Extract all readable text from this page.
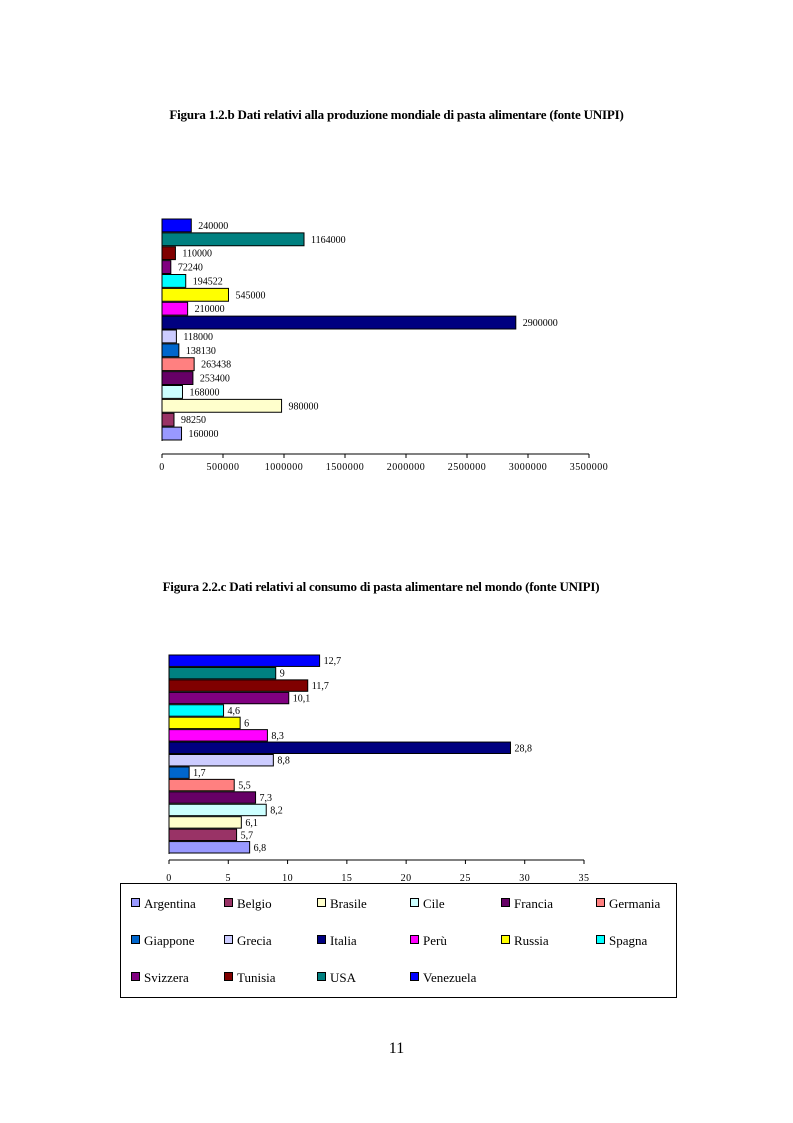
Figura 1.2.b Dati relativi alla produzione mondiale di pasta alimentare (fonte UNIPI)
0	500000	1000000 1500000 2000000 2500000 3000000 3500000
160000
98250
980000
168000
253400
263438
138130
118000
2900000
210000
545000
194522
72240
110000
1164000
240000
Figura 2.2.c Dati relativi al consumo di pasta alimentare nel mondo (fonte UNIPI)
0	5	10	15	20	25	30	35
6,8
5,7
6,1
8,2
7,3
5,5
1,7
8,8
28,8
8,3
6
4,6
10,1
11,7
9
12,7
Argentina	Belgio	Brasile	Cile	Francia	Germania
Giappone	Grecia	Italia	Perù	Russia	Spagna
Svizzera	Tunisia	USA	Venezuela
11
